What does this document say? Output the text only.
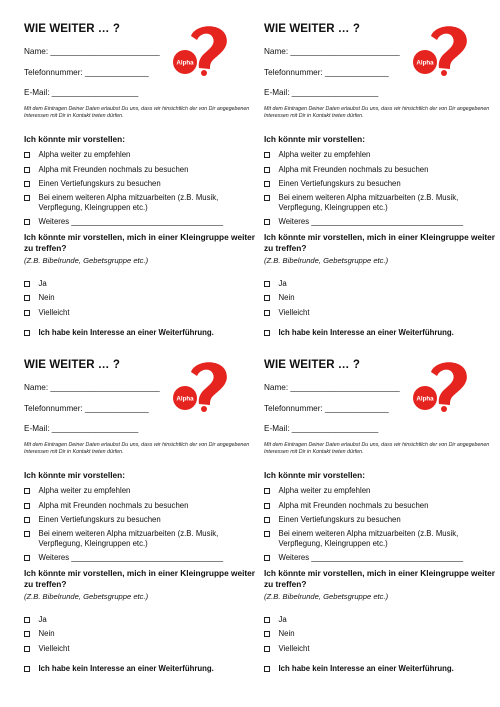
WIE WEITER … ?
Name: ________________________
Telefonnummer: ______________
E-Mail: ___________________
Alpha
Mit dem Eintragen Deiner Daten erlaubst Du uns, dass wir hinsichtlich der von Dir angegebenen Interessen mit Dir in Kontakt treten dürfen.
Ich könnte mir vorstellen:
Alpha weiter zu empfehlen
Alpha mit Freunden nochmals zu besuchen
Einen Vertiefungskurs zu besuchen
Bei einem weiteren Alpha mitzuarbeiten (z.B. Musik, Verpflegung, Kleingruppen etc.)
Weiteres ___________________________________
Ich könnte mir vorstellen, mich in einer Kleingruppe weiter zu treffen?
(Z.B. Bibelrunde, Gebetsgruppe etc.)
Ja
Nein
Vielleicht
Ich habe kein Interesse an einer Weiterführung.
WIE WEITER … ?
Name: ________________________
Telefonnummer: ______________
E-Mail: ___________________
Alpha
Mit dem Eintragen Deiner Daten erlaubst Du uns, dass wir hinsichtlich der von Dir angegebenen Interessen mit Dir in Kontakt treten dürfen.
Ich könnte mir vorstellen:
Alpha weiter zu empfehlen
Alpha mit Freunden nochmals zu besuchen
Einen Vertiefungskurs zu besuchen
Bei einem weiteren Alpha mitzuarbeiten (z.B. Musik, Verpflegung, Kleingruppen etc.)
Weiteres ___________________________________
Ich könnte mir vorstellen, mich in einer Kleingruppe weiter zu treffen?
(Z.B. Bibelrunde, Gebetsgruppe etc.)
Ja
Nein
Vielleicht
Ich habe kein Interesse an einer Weiterführung.
WIE WEITER … ?
Name: ________________________
Telefonnummer: ______________
E-Mail: ___________________
Alpha
Mit dem Eintragen Deiner Daten erlaubst Du uns, dass wir hinsichtlich der von Dir angegebenen Interessen mit Dir in Kontakt treten dürfen.
Ich könnte mir vorstellen:
Alpha weiter zu empfehlen
Alpha mit Freunden nochmals zu besuchen
Einen Vertiefungskurs zu besuchen
Bei einem weiteren Alpha mitzuarbeiten (z.B. Musik, Verpflegung, Kleingruppen etc.)
Weiteres ___________________________________
Ich könnte mir vorstellen, mich in einer Kleingruppe weiter zu treffen?
(Z.B. Bibelrunde, Gebetsgruppe etc.)
Ja
Nein
Vielleicht
Ich habe kein Interesse an einer Weiterführung.
WIE WEITER … ?
Name: ________________________
Telefonnummer: ______________
E-Mail: ___________________
Alpha
Mit dem Eintragen Deiner Daten erlaubst Du uns, dass wir hinsichtlich der von Dir angegebenen Interessen mit Dir in Kontakt treten dürfen.
Ich könnte mir vorstellen:
Alpha weiter zu empfehlen
Alpha mit Freunden nochmals zu besuchen
Einen Vertiefungskurs zu besuchen
Bei einem weiteren Alpha mitzuarbeiten (z.B. Musik, Verpflegung, Kleingruppen etc.)
Weiteres ___________________________________
Ich könnte mir vorstellen, mich in einer Kleingruppe weiter zu treffen?
(Z.B. Bibelrunde, Gebetsgruppe etc.)
Ja
Nein
Vielleicht
Ich habe kein Interesse an einer Weiterführung.
